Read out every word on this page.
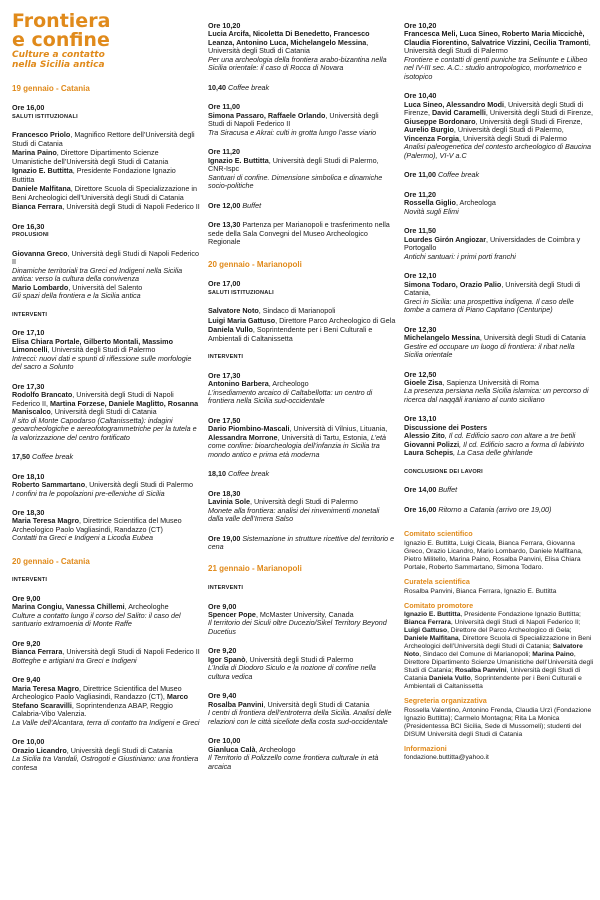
Frontiera
e confine
Culture a contatto
nella Sicilia antica
19 gennaio - Catania
Ore 16,00
SALUTI ISTITUZIONALI
Francesco Priolo, Magnifico Rettore dell’Università degli Studi di Catania
Marina Paino, Direttore Dipartimento Scienze Umanistiche dell’Università degli Studi di Catania
Ignazio E. Buttitta, Presidente Fondazione Ignazio Buttitta
Daniele Malfitana, Direttore Scuola di Specializzazione in Beni Archeologici dell’Università degli Studi di Catania
Bianca Ferrara, Università degli Studi di Napoli Federico II
Ore 16,30
PROLUSIONI
Giovanna Greco, Università degli Studi di Napoli Federico II
Dinamiche territoriali tra Greci ed Indigeni nella Sicilia antica: verso la cultura della convivenza
Mario Lombardo, Università del Salento
Gli spazi della frontiera e la Sicilia antica
INTERVENTI
Ore 17,10
Elisa Chiara Portale, Gilberto Montali, Massimo Limoncelli, Università degli Studi di Palermo
Intrecci: nuovi dati e spunti di riflessione sulle morfologie del sacro a Solunto
Ore 17,30
Rodolfo Brancato, Università degli Studi di Napoli Federico II, Martina Forzese, Daniele Maglitto, Rosanna Maniscalco, Università degli Studi di Catania
Il sito di Monte Capodarso (Caltanissetta): indagini geoarcheologiche e aereofotogrammetriche per la tutela e la valorizzazione del centro fortificato
17,50 Coffee break
Ore 18,10
Roberto Sammartano, Università degli Studi di Palermo
I confini tra le popolazioni pre-elleniche di Sicilia
Ore 18,30
Maria Teresa Magro, Direttrice Scientifica del Museo Archeologico Paolo Vagliasindi, Randazzo (CT)
Contatti tra Greci e Indigeni a Licodia Eubea
20 gennaio - Catania
INTERVENTI
Ore 9,00
Marina Congiu, Vanessa Chillemi, Archeologhe
Culture a contatto lungo il corso del Salito: il caso del santuario extramoenia di Monte Raffe
Ore 9,20
Bianca Ferrara, Università degli Studi di Napoli Federico II
Botteghe e artigiani tra Greci e Indigeni
Ore 9,40
Maria Teresa Magro, Direttrice Scientifica del Museo Archeologico Paolo Vagliasindi, Randazzo (CT), Marco Stefano Scaravilli, Soprintendenza ABAP, Reggio Calabria-Vibo Valenzia.
La Valle dell’Alcantara, terra di contatto tra Indigeni e Greci
Ore 10,00
Orazio Licandro, Università degli Studi di Catania
La Sicilia tra Vandali, Ostrogoti e Giustiniano: una frontiera contesa
Ore 10,20
Lucia Arcifa, Nicoletta Di Benedetto, Francesco Leanza, Antonino Luca, Michelangelo Messina, Università degli Studi di Catania
Per una archeologia della frontiera arabo-bizantina nella Sicilia orientale: il caso di Rocca di Novara
10,40 Coffee break
Ore 11,00
Simona Passaro, Raffaele Orlando, Università degli Studi di Napoli Federico II
Tra Siracusa e Akrai: culti in grotta lungo l’asse viario
Ore 11,20
Ignazio E. Buttitta, Università degli Studi di Palermo, CNR-Ispc
Santuari di confine. Dimensione simbolica e dinamiche socio-politiche
Ore 12,00 Buffet
Ore 13,30 Partenza per Marianopoli e trasferimento nella sede della Sala Convegni del Museo Archeologico Regionale
20 gennaio - Marianopoli
Ore 17,00
SALUTI ISTITUZIONALI
Salvatore Noto, Sindaco di Marianopoli
Luigi Maria Gattuso, Direttore Parco Archeologico di Gela
Daniela Vullo, Soprintendente per i Beni Culturali e Ambientali di Caltanissetta
INTERVENTI
Ore 17,30
Antonino Barbera, Archeologo
L’insediamento arcaico di Caltabellotta: un centro di frontiera nella Sicilia sud-occidentale
Ore 17,50
Dario Piombino-Mascali, Università di Vilnius, Lituania, Alessandra Morrone, Università di Tartu, Estonia, L’età come confine: bioarcheologia dell’infanzia in Sicilia tra mondo antico e prima età moderna
18,10 Coffee break
Ore 18,30
Lavinia Sole, Università degli Studi di Palermo
Monete alla frontiera: analisi dei rinvenimenti monetali dalla valle dell’Imera Salso
Ore 19,00 Sistemazione in strutture ricettive del territorio e cena
21 gennaio - Marianopoli
INTERVENTI
Ore 9,00
Spencer Pope, McMaster University, Canada
Il territorio dei Siculi oltre Ducezio/Sikel Territory Beyond Ducetius
Ore 9,20
Igor Spanò, Università degli Studi di Palermo
L’India di Diodoro Siculo e la nozione di confine nella cultura vedica
Ore 9,40
Rosalba Panvini, Università degli Studi di Catania
I centri di frontiera dell’entroterra della Sicilia. Analisi delle relazioni con le città siceliote della costa sud-occidentale
Ore 10,00
Gianluca Calà, Archeologo
Il Territorio di Polizzello come frontiera culturale in età arcaica
Ore 10,20
Francesca Meli, Luca Sineo, Roberto Maria Miccichè, Claudia Fiorentino, Salvatrice Vizzini, Cecilia Tramonti, Università degli Studi di Palermo
Frontiere e contatti di genti puniche tra Selinunte e Lilibeo nel IV-III sec. A.C.: studio antropologico, morfometrico e isotopico
Ore 10,40
Luca Sineo, Alessandro Modi, Università degli Studi di Firenze, David Caramelli, Università degli Studi di Firenze, Giuseppe Bordonaro, Università degli Studi di Firenze, Aurelio Burgio, Università degli Studi di Palermo, Vincenza Forgia, Università degli Studi di Palermo
Analisi paleogenetica del contesto archeologico di Baucina (Palermo), VI-V a.C
Ore 11,00 Coffee break
Ore 11,20
Rossella Giglio, Archeologa
Novità sugli Elimi
Ore 11,50
Lourdes Girón Angiozar, Universidades de Coimbra y Portogallo
Antichi santuari: i primi porti franchi
Ore 12,10
Simona Todaro, Orazio Palio, Università degli Studi di Catania,
Greci in Sicilia: una prospettiva indigena. Il caso delle tombe a camera di Piano Capitano (Centuripe)
Ore 12,30
Michelangelo Messina, Università degli Studi di Catania
Gestire ed occupare un luogo di frontiera: il ribat nella Sicilia orientale
Ore 12,50
Gioele Zisa, Sapienza Università di Roma
La presenza persiana nella Sicilia islamica: un percorso di ricerca dal naqqāli iraniano al cunto siciliano
Ore 13,10
Discussione dei Posters
Alessio Zito, Il cd. Edificio sacro con altare a tre betili
Giovanni Polizzi, Il cd. Edificio sacro a forma di labirinto
Laura Schepis, La Casa delle ghirlande
CONCLUSIONE DEI LAVORI
Ore 14,00 Buffet
Ore 16,00 Ritorno a Catania (arrivo ore 19,00)
Comitato scientifico
Ignazio E. Buttitta, Luigi Cicala, Bianca Ferrara, Giovanna Greco, Orazio Licandro, Mario Lombardo, Daniele Malfitana, Pietro Militello, Marina Paino, Rosalba Panvini, Elisa Chiara Portale, Roberto Sammartano, Simona Todaro.
Curatela scientifica
Rosalba Panvini, Bianca Ferrara, Ignazio E. Buttitta
Comitato promotore
Ignazio E. Buttitta, Presidente Fondazione Ignazio Buttitta; Bianca Ferrara, Università degli Studi di Napoli Federico II; Luigi Gattuso, Direttore del Parco Archeologico di Gela; Daniele Malfitana, Direttore Scuola di Specializzazione in Beni Archeologici dell’Università degli Studi di Catania; Salvatore Noto, Sindaco del Comune di Marianopoli; Marina Paino, Direttore Dipartimento Scienze Umanistiche dell’Università degli Studi di Catania; Rosalba Panvini, Università degli Studi di Catania Daniela Vullo, Soprintendente per i Beni Culturali e Ambientali di Caltanissetta
Segreteria organizzativa
Rossella Valentino, Antonino Frenda, Claudia Urzì (Fondazione Ignazio Buttitta); Carmelo Montagna; Rita La Monica (Presidentessa BCI Sicilia, Sede di Mussomeli); studenti del DISUM Università degli Studi di Catania
Informazioni
fondazione.buttitta@yahoo.it
